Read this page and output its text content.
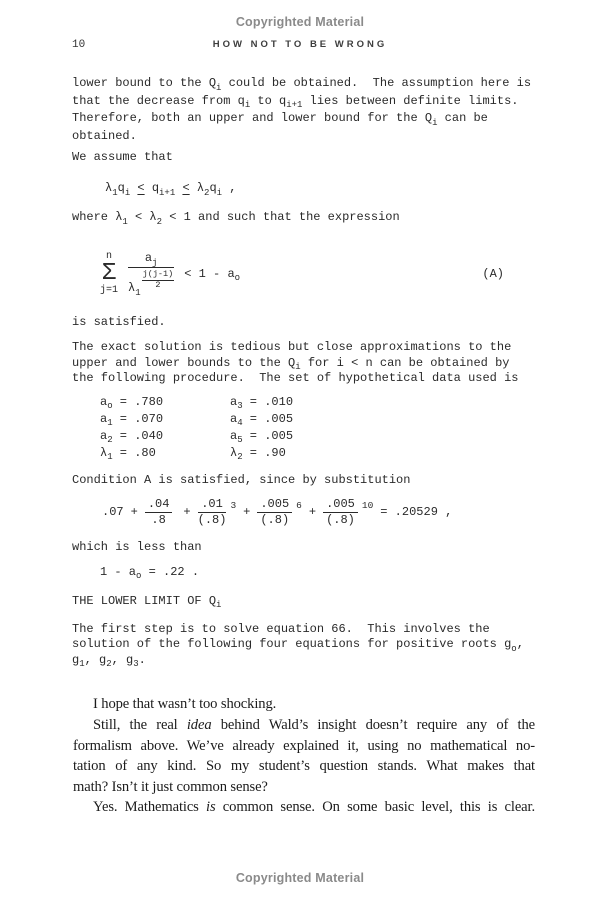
Copyrighted Material
10	HOW NOT TO BE WRONG
lower bound to the $Q_i$ could be obtained.  The assumption here is
that the decrease from $q_i$ to $q_{i+1}$ lies between definite limits.
Therefore, both an upper and lower bound for the $Q_i$ can be
obtained.
We assume that
$\lambda_1q_i < q_{i+1} < \lambda_2q_i$ ,
where $\lambda_1 < \lambda_2 < 1$ and such that the expression
n
Σ
j=1 $a_j$
$\lambda_1$
$\frac{j(j-1)}{2} < 1 - a_o$	(A)
is satisfied.
The exact solution is tedious but close approximations to the
upper and lower bounds to the $Q_i$ for i < n can be obtained by
the following procedure.  The set of hypothetical data used is
$a_o = .780$	$a_3 = .010$
$a_1 = .070$	$a_4 = .005$
$a_2 = .040$	$a_5 = .005$
$\lambda_1 = .80$	$\lambda_2 = .90$
Condition A is satisfied, since by substitution
$.07 + \frac{.04}{.8} + \frac{.01}{(.8)} ^3 + \frac{.005}{(.8)} ^6 + \frac{.005}{(.8)} ^{10} = .20529$ ,
which is less than
$1 - a_o = .22$ .
THE LOWER LIMIT OF $Q_i$
The first step is to solve equation 66.  This involves the
solution of the following four equations for positive roots $g_o$,
$g_1$, $g_2$, $g_3$.
I hope that wasn’t too shocking.
Still, the real idea behind Wald’s insight doesn’t require any of the
formalism above. We’ve already explained it, using no mathematical no-
tation of any kind. So my student’s question stands. What makes that
math? Isn’t it just common sense?
Yes. Mathematics is common sense. On some basic level, this is clear.
Copyrighted Material
